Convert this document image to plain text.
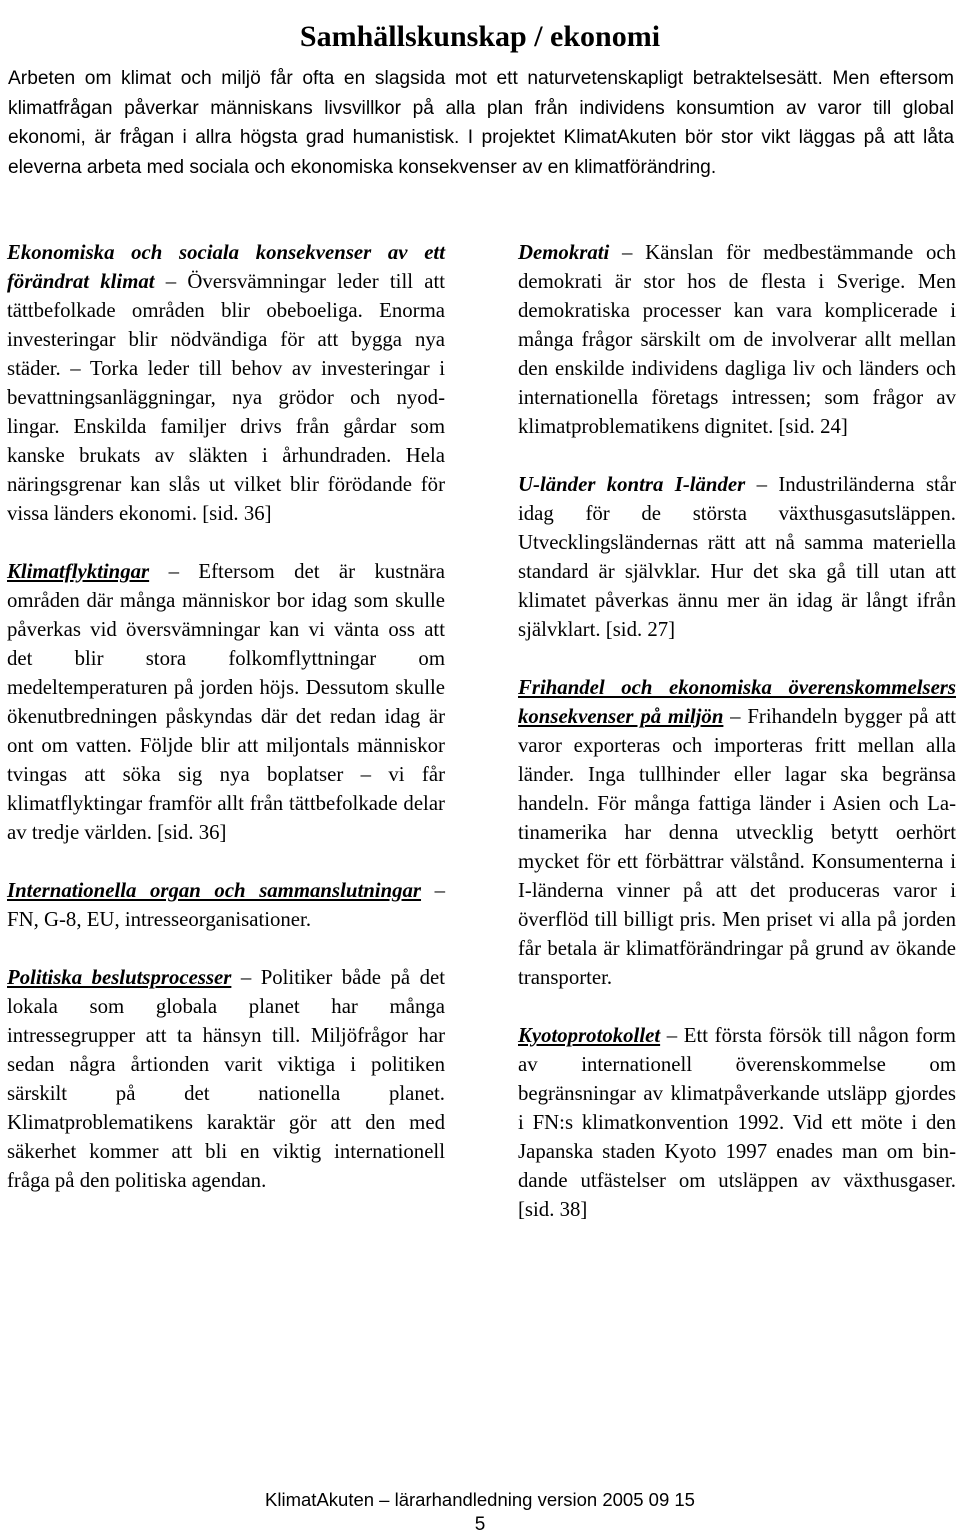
Samhällskunskap / ekonomi

Arbeten om klimat och miljö får ofta en slagsida mot ett naturvetenskapligt betraktelsesätt. Men eftersom klimatfrågan påverkar människans livsvillkor på alla plan från individens konsumtion av varor till global ekonomi, är frågan i allra högsta grad humanistisk. I projektet KlimatAkuten bör stor vikt läggas på att låta eleverna arbeta med sociala och ekonomiska konsekvenser av en klimatförändring.

Ekonomiska och sociala konsekvenser av ett förändrat klimat – Översvämningar leder till att tättbefolkade områden blir obeboeliga. Enorma investeringar blir nödvändiga för att bygga nya städer. – Torka leder till behov av investeringar i bevattningsanläggningar, nya grödor och nyodlingar. Enskilda familjer drivs från gårdar som kanske brukats av släkten i århundraden. Hela näringsgrenar kan slås ut vilket blir förödande för vissa länders ekonomi. [sid. 36]

Klimatflyktingar – Eftersom det är kustnära områden där många människor bor idag som skulle påverkas vid översvämningar kan vi vänta oss att det blir stora folkomflyttningar om medeltemperaturen på jorden höjs. Dessutom skulle ökenutbredningen påskyndas där det redan idag är ont om vatten. Följde blir att miljontals människor tvingas att söka sig nya boplatser – vi får klimatflyktingar framför allt från tättbefolkade delar av tredje världen. [sid. 36]

Internationella organ och sammanslutningar – FN, G-8, EU, intresseorganisationer.

Politiska beslutsprocesser – Politiker både på det lokala som globala planet har många intressegrupper att ta hänsyn till. Miljöfrågor har sedan några årtionden varit viktiga i politiken särskilt på det nationella planet. Klimatproblematikens karaktär gör att den med säkerhet kommer att bli en viktig internationell fråga på den politiska agendan.

Demokrati – Känslan för medbestämmande och demokrati är stor hos de flesta i Sverige. Men demokratiska processer kan vara komplicerade i många frågor särskilt om de involverar allt mellan den enskilde individens dagliga liv och länders och internationella företags intressen; som frågor av klimatproblematikens dignitet. [sid. 24]

U-länder kontra I-länder – Industriländerna står idag för de största växthusgasutsläppen. Utvecklingsländernas rätt att nå samma materiella standard är självklar. Hur det ska gå till utan att klimatet påverkas ännu mer än idag är långt ifrån självklart. [sid. 27]

Frihandel och ekonomiska överenskommelsers konsekvenser på miljön – Frihandeln bygger på att varor exporteras och importeras fritt mellan alla länder. Inga tullhinder eller lagar ska begränsa handeln. För många fattiga länder i Asien och Latinamerika har denna utvecklig betytt oerhört mycket för ett förbättrar välstånd. Konsumenterna i I-länderna vinner på att det produceras varor i överflöd till billigt pris. Men priset vi alla på jorden får betala är klimatförändringar på grund av ökande transporter.

Kyotoprotokollet – Ett första försök till någon form av internationell överenskommelse om begränsningar av klimatpåverkande utsläpp gjordes i FN:s klimatkonvention 1992. Vid ett möte i den Japanska staden Kyoto 1997 enades man om bindande utfästelser om utsläppen av växthusgaser. [sid. 38]

KlimatAkuten – lärarhandledning version 2005 09 15
5
